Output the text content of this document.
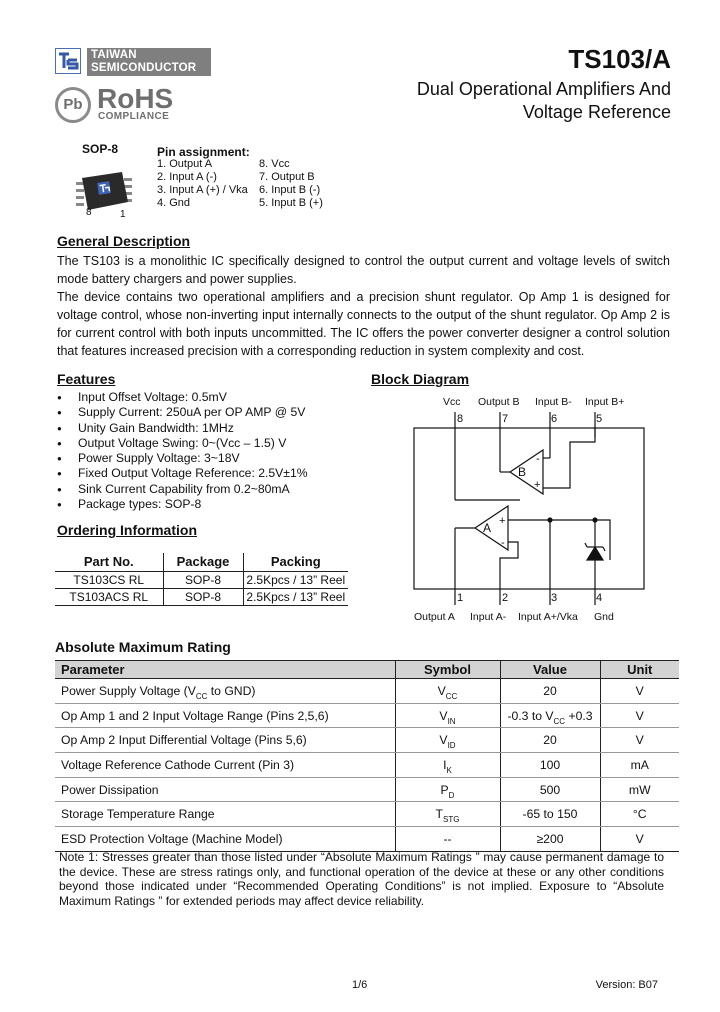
TAIWAN
SEMICONDUCTOR
Pb RoHS
COMPLIANCE
TS103/A
Dual Operational Amplifiers And
Voltage Reference
SOP-8
8	1
Pin assignment:
1. Output A
2. Input A (-)
3. Input A (+) / Vka
4. Gnd
8. Vcc
7. Output B
6. Input B (-)
5. Input B (+)
General Description
The TS103 is a monolithic IC specifically designed to control the output current and voltage levels of switch mode battery chargers and power supplies.
The device contains two operational amplifiers and a precision shunt regulator. Op Amp 1 is designed for voltage control, whose non-inverting input internally connects to the output of the shunt regulator. Op Amp 2 is for current control with both inputs uncommitted. The IC offers the power converter designer a control solution that features increased precision with a corresponding reduction in system complexity and cost.
Features
● Input Offset Voltage: 0.5mV
● Supply Current: 250uA per OP AMP @ 5V
● Unity Gain Bandwidth: 1MHz
● Output Voltage Swing: 0~(Vcc – 1.5) V
● Power Supply Voltage: 3~18V
● Fixed Output Voltage Reference: 2.5V±1%
● Sink Current Capability from 0.2~80mA
● Package types: SOP-8
Ordering Information
Part No.	Package	Packing
TS103CS RL	SOP-8	2.5Kpcs / 13” Reel
TS103ACS RL	SOP-8	2.5Kpcs / 13” Reel
Block Diagram
Vcc Output B Input B- Input B+
8	7	6	5
1	2	3	4
Output A Input A- Input A+/Vka Gnd
B
-
+
A +
-
Absolute Maximum Rating
Parameter	Symbol	Value	Unit
Power Supply Voltage ($V_{CC}$ to GND)	$V_{CC}$	20	V
Op Amp 1 and 2 Input Voltage Range (Pins 2,5,6)	$V_{IN}$	-0.3 to $V_{CC} +0.3$	V
Op Amp 2 Input Differential Voltage (Pins 5,6)	$V_{ID}$	20	V
Voltage Reference Cathode Current (Pin 3)	$I_K$	100	mA
Power Dissipation	$P_D$	500	mW
Storage Temperature Range	$T_{STG}$	-65 to 150	°C
ESD Protection Voltage (Machine Model)	--	≥200	V
Note 1: Stresses greater than those listed under “Absolute Maximum Ratings ” may cause permanent damage to the device. These are stress ratings only, and functional operation of the device at these or any other conditions beyond those indicated under “Recommended Operating Conditions” is not implied. Exposure to “Absolute Maximum Ratings ” for extended periods may affect device reliability.
1/6	Version: B07
